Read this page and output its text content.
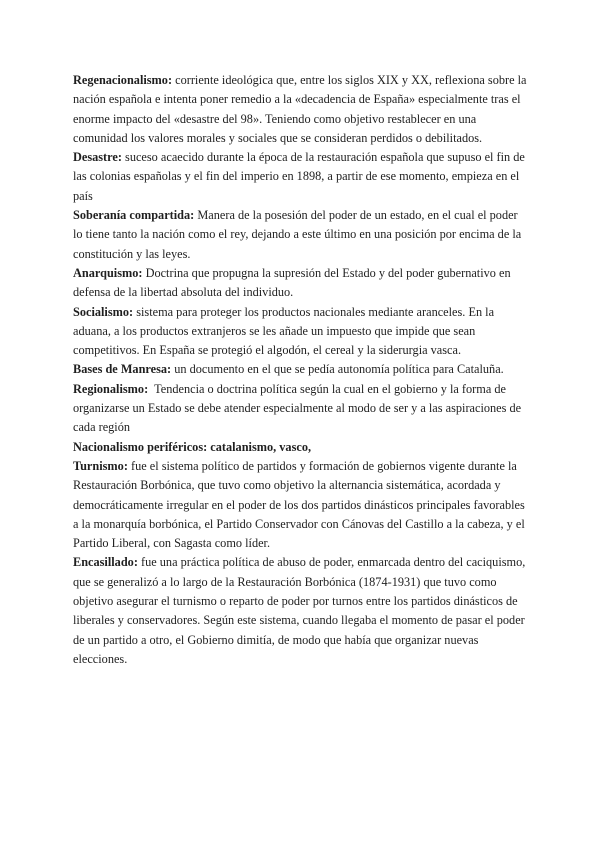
Regenacionalismo: corriente ideológica que, entre los siglos XIX y XX, reflexiona sobre la nación española e intenta poner remedio a la «decadencia de España» especialmente tras el enorme impacto del «desastre del 98». Teniendo como objetivo restablecer en una comunidad los valores morales y sociales que se consideran perdidos o debilitados.

Desastre: suceso acaecido durante la época de la restauración española que supuso el fin de las colonias españolas y el fin del imperio en 1898, a partir de ese momento, empieza en el país

Soberanía compartida: Manera de la posesión del poder de un estado, en el cual el poder lo tiene tanto la nación como el rey, dejando a este último en una posición por encima de la constitución y las leyes.

Anarquismo: Doctrina que propugna la supresión del Estado y del poder gubernativo en defensa de la libertad absoluta del individuo.

Socialismo: sistema para proteger los productos nacionales mediante aranceles. En la aduana, a los productos extranjeros se les añade un impuesto que impide que sean competitivos. En España se protegió el algodón, el cereal y la siderurgia vasca.

Bases de Manresa: un documento en el que se pedía autonomía política para Cataluña.

Regionalismo:  Tendencia o doctrina política según la cual en el gobierno y la forma de organizarse un Estado se debe atender especialmente al modo de ser y a las aspiraciones de cada región

Nacionalismo periféricos: catalanismo, vasco,

Turnismo: fue el sistema político de partidos y formación de gobiernos vigente durante la Restauración Borbónica, que tuvo como objetivo la alternancia sistemática, acordada y democráticamente irregular en el poder de los dos partidos dinásticos principales favorables a la monarquía borbónica, el Partido Conservador con Cánovas del Castillo a la cabeza, y el Partido Liberal, con Sagasta como líder.

Encasillado: fue una práctica política de abuso de poder, enmarcada dentro del caciquismo, que se generalizó a lo largo de la Restauración Borbónica (1874-1931) que tuvo como objetivo asegurar el turnismo o reparto de poder por turnos entre los partidos dinásticos de liberales y conservadores. Según este sistema, cuando llegaba el momento de pasar el poder de un partido a otro, el Gobierno dimitía, de modo que había que organizar nuevas elecciones.
